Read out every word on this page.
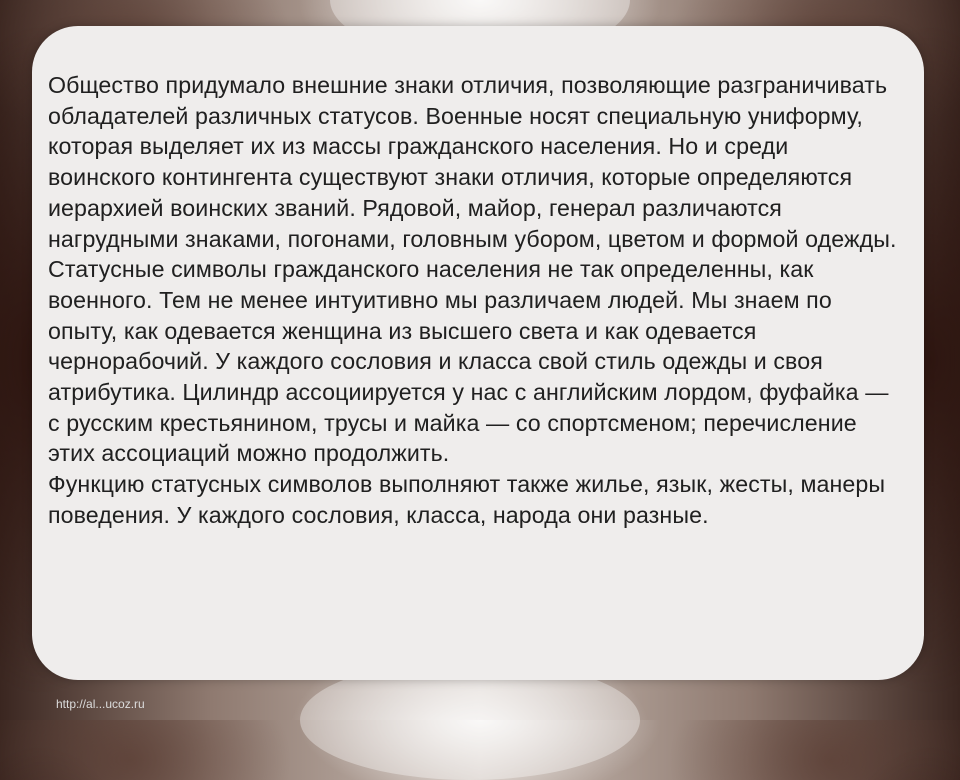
Общество придумало внешние знаки отличия, позволяющие разграничивать обладателей различных статусов. Военные носят специальную униформу, которая выделяет их из массы гражданского населения. Но и среди воинского контингента существуют знаки отличия, которые определяются иерархией воинских званий. Рядовой, майор, генерал различаются нагрудными знаками, погонами, головным убором, цветом и формой одежды.

Статусные символы гражданского населения не так определенны, как военного. Тем не менее интуитивно мы различаем людей. Мы знаем по опыту, как одевается женщина из высшего света и как одевается чернорабочий. У каждого сословия и класса свой стиль одежды и своя атрибутика. Цилиндр ассоциируется у нас с английским лордом, фуфайка — с русским крестьянином, трусы и майка — со спортсменом; перечисление этих ассоциаций можно продолжить.

Функцию статусных символов выполняют также жилье, язык, жесты, манеры поведения. У каждого сословия, класса, народа они разные.

http://al...ucoz.ru
